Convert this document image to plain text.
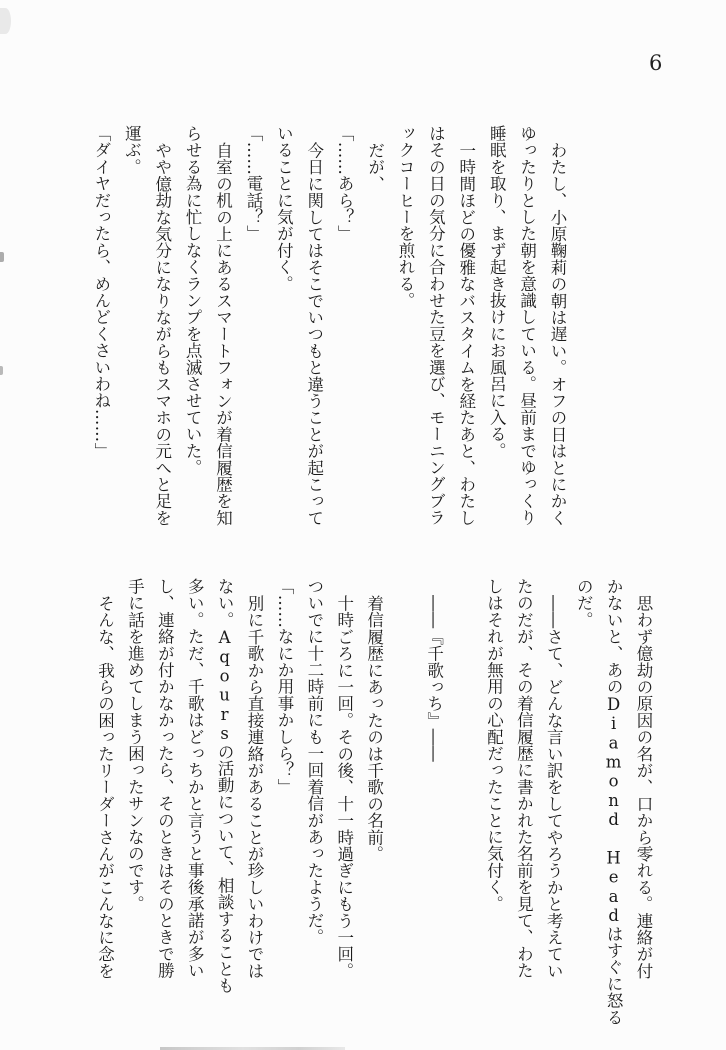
6
わたし、小原鞠莉の朝は遅い。オフの日はとにかく
ゆったりとした朝を意識している。昼前までゆっくり
睡眠を取り、まず起き抜けにお風呂に入る。
一時間ほどの優雅なバスタイムを経たあと、わたし
はその日の気分に合わせた豆を選び、モーニングブラ
ックコーヒーを煎れる。
だが、
「……あら？」
今日に関してはそこでいつもと違うことが起こって
いることに気が付く。
「……電話？」
自室の机の上にあるスマートフォンが着信履歴を知
らせる為に忙しなくランプを点滅させていた。
やや億劫な気分になりながらもスマホの元へと足を
運ぶ。
「ダイヤだったら、めんどくさいわね……」
思わず億劫の原因の名が、口から零れる。連絡が付
かないと、あのDiamond Headはすぐに怒る
のだ。
――さて、どんな言い訳をしてやろうかと考えてい
たのだが、その着信履歴に書かれた名前を見て、わた
しはそれが無用の心配だったことに気付く。
――『千歌っち』――
着信履歴にあったのは千歌の名前。
十時ごろに一回。その後、十一時過ぎにもう一回。
ついでに十二時前にも一回着信があったようだ。
「……なにか用事かしら？」
別に千歌から直接連絡があることが珍しいわけでは
ない。Aqoursの活動について、相談することも
多い。ただ、千歌はどっちかと言うと事後承諾が多い
し、連絡が付かなかったら、そのときはそのときで勝
手に話を進めてしまう困ったサンなのです。
そんな、我らの困ったリーダーさんがこんなに念を
